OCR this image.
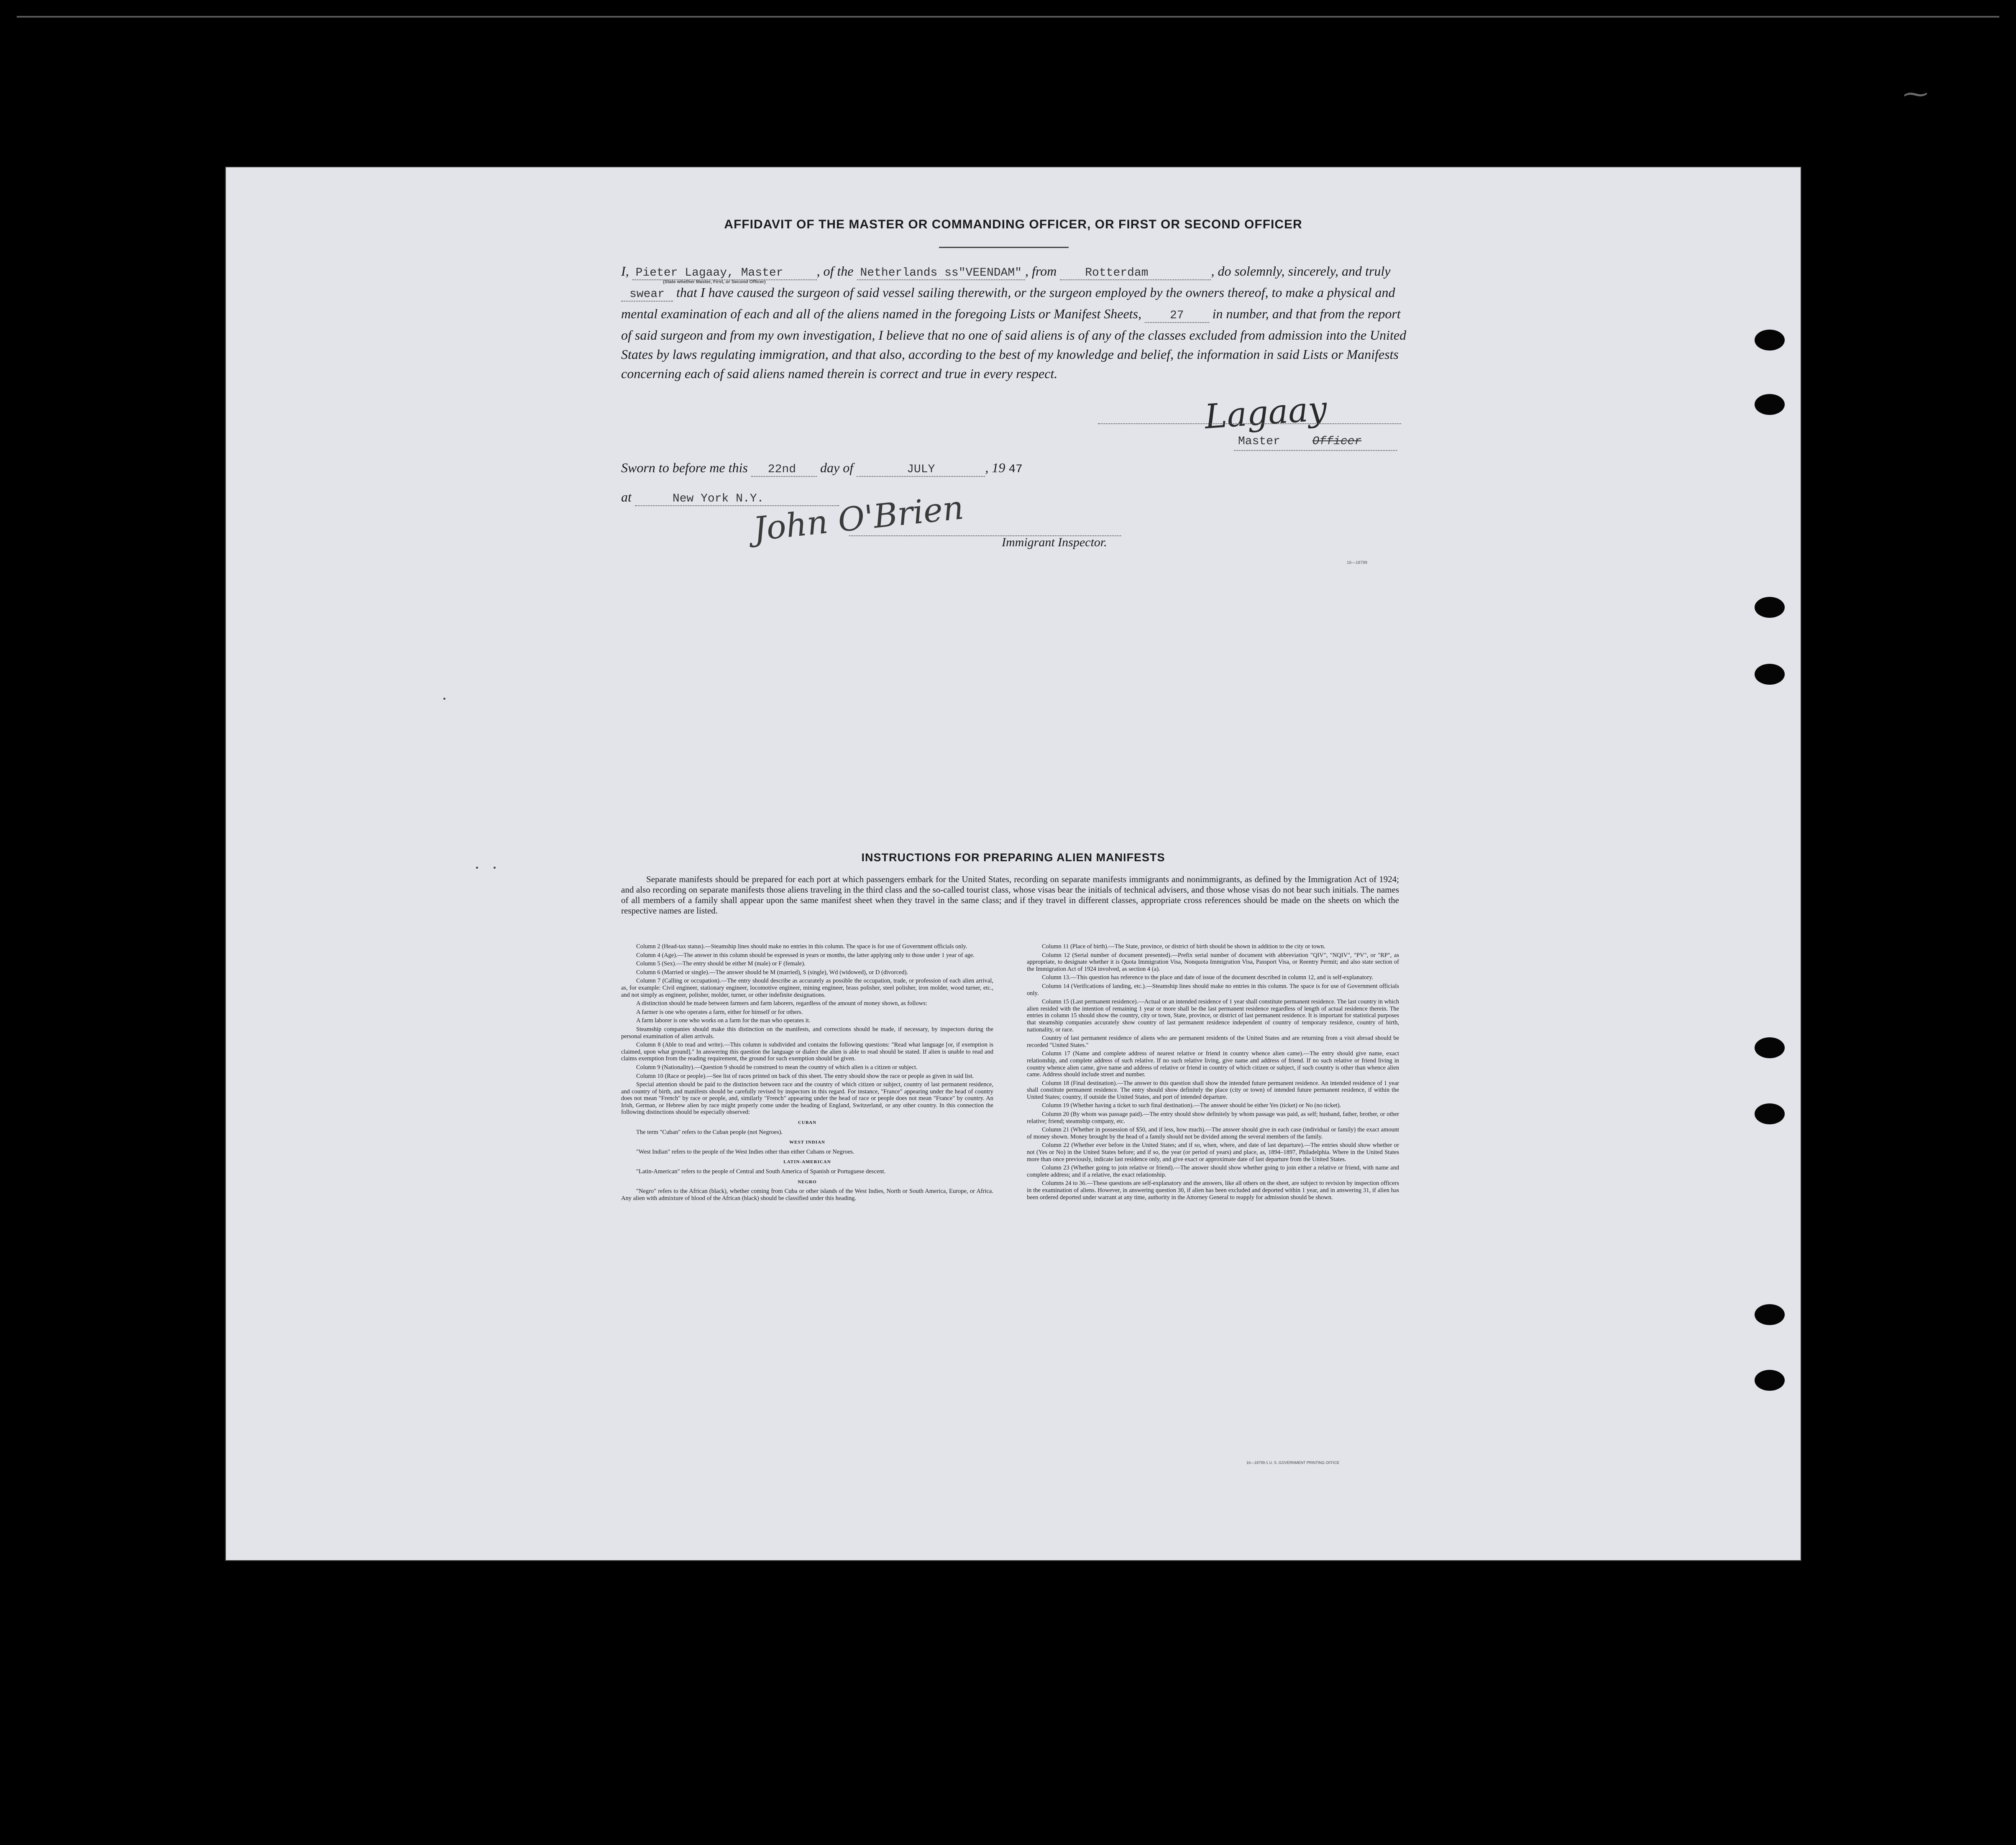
⁓
AFFIDAVIT OF THE MASTER OR COMMANDING OFFICER, OR FIRST OR SECOND OFFICER
I, Pieter Lagaay, Master	, of the Netherlands ss"VEENDAM" , from Rotterdam	, do solemnly, sincerely, and truly swear that I have caused the surgeon of said vessel sailing therewith, or the surgeon employed by the owners thereof, to make a physical and mental examination of each and all of the aliens named in the foregoing Lists or Manifest Sheets, 27 in number, and that from the report of said surgeon and from my own investigation, I believe that no one of said aliens is of any of the classes excluded from admission into the United States by laws regulating immigration, and that also, according to the best of my knowledge and belief, the information in said Lists or Manifests concerning each of said aliens named therein is correct and true in every respect.
(State whether Master, First, or Second Officer)
Lagaay
Master	Officer
Sworn to before me this 22nd day of	JULY	, 19 47
at	New York N.Y.
John O'Brien	Immigrant Inspector.
16—18799
INSTRUCTIONS FOR PREPARING ALIEN MANIFESTS
Separate manifests should be prepared for each port at which passengers embark for the United States, recording on separate manifests immigrants and nonimmigrants, as defined by the Immigration Act of 1924; and also recording on separate manifests those aliens traveling in the third class and the so-called tourist class, whose visas bear the initials of technical advisers, and those whose visas do not bear such initials. The names of all members of a family shall appear upon the same manifest sheet when they travel in the same class; and if they travel in different classes, appropriate cross references should be made on the sheets on which the respective names are listed.

Column 2 (Head-tax status).—Steamship lines should make no entries in this column. The space is for use of Government officials only.

Column 4 (Age).—The answer in this column should be expressed in years or months, the latter applying only to those under 1 year of age.

Column 5 (Sex).—The entry should be either M (male) or F (female).

Column 6 (Married or single).—The answer should be M (married), S (single), Wd (widowed), or D (divorced).

Column 7 (Calling or occupation).—The entry should describe as accurately as possible the occupation, trade, or profession of each alien arrival, as, for example: Civil engineer, stationary engineer, locomotive engineer, mining engineer, brass polisher, steel polisher, iron molder, wood turner, etc., and not simply as engineer, polisher, molder, turner, or other indefinite designations.

A distinction should be made between farmers and farm laborers, regardless of the amount of money shown, as follows:

A farmer is one who operates a farm, either for himself or for others.

A farm laborer is one who works on a farm for the man who operates it.

Steamship companies should make this distinction on the manifests, and corrections should be made, if necessary, by inspectors during the personal examination of alien arrivals.

Column 8 (Able to read and write).—This column is subdivided and contains the following questions: "Read what language [or, if exemption is claimed, upon what ground]." In answering this question the language or dialect the alien is able to read should be stated. If alien is unable to read and claims exemption from the reading requirement, the ground for such exemption should be given.

Column 9 (Nationality).—Question 9 should be construed to mean the country of which alien is a citizen or subject.

Column 10 (Race or people).—See list of races printed on back of this sheet. The entry should show the race or people as given in said list.

Special attention should be paid to the distinction between race and the country of which citizen or subject, country of last permanent residence, and country of birth, and manifests should be carefully revised by inspectors in this regard. For instance, "France" appearing under the head of country does not mean "French" by race or people, and, similarly "French" appearing under the head of race or people does not mean "France" by country. An Irish, German, or Hebrew alien by race might properly come under the heading of England, Switzerland, or any other country. In this connection the following distinctions should be especially observed:

CUBAN

The term "Cuban" refers to the Cuban people (not Negroes).

WEST INDIAN

"West Indian" refers to the people of the West Indies other than either Cubans or Negroes.

LATIN-AMERICAN

"Latin-American" refers to the people of Central and South America of Spanish or Portuguese descent.

NEGRO

"Negro" refers to the African (black), whether coming from Cuba or other islands of the West Indies, North or South America, Europe, or Africa. Any alien with admixture of blood of the African (black) should be classified under this heading.

Column 11 (Place of birth).—The State, province, or district of birth should be shown in addition to the city or town.

Column 12 (Serial number of document presented).—Prefix serial number of document with abbreviation "QIV", "NQIV", "PV", or "RP", as appropriate, to designate whether it is Quota Immigration Visa, Nonquota Immigration Visa, Passport Visa, or Reentry Permit; and also state section of the Immigration Act of 1924 involved, as section 4 (a).

Column 13.—This question has reference to the place and date of issue of the document described in column 12, and is self-explanatory.

Column 14 (Verifications of landing, etc.).—Steamship lines should make no entries in this column. The space is for use of Government officials only.

Column 15 (Last permanent residence).—Actual or an intended residence of 1 year shall constitute permanent residence. The last country in which alien resided with the intention of remaining 1 year or more shall be the last permanent residence regardless of length of actual residence therein. The entries in column 15 should show the country, city or town, State, province, or district of last permanent residence. It is important for statistical purposes that steamship companies accurately show country of last permanent residence independent of country of temporary residence, country of birth, nationality, or race.

Country of last permanent residence of aliens who are permanent residents of the United States and are returning from a visit abroad should be recorded "United States."

Column 17 (Name and complete address of nearest relative or friend in country whence alien came).—The entry should give name, exact relationship, and complete address of such relative. If no such relative living, give name and address of friend. If no such relative or friend living in country whence alien came, give name and address of relative or friend in country of which citizen or subject, if such country is other than whence alien came. Address should include street and number.

Column 18 (Final destination).—The answer to this question shall show the intended future permanent residence. An intended residence of 1 year shall constitute permanent residence. The entry should show definitely the place (city or town) of intended future permanent residence, if within the United States; country, if outside the United States, and port of intended departure.

Column 19 (Whether having a ticket to such final destination).—The answer should be either Yes (ticket) or No (no ticket).

Column 20 (By whom was passage paid).—The entry should show definitely by whom passage was paid, as self; husband, father, brother, or other relative; friend; steamship company, etc.

Column 21 (Whether in possession of $50, and if less, how much).—The answer should give in each case (individual or family) the exact amount of money shown. Money brought by the head of a family should not be divided among the several members of the family.

Column 22 (Whether ever before in the United States; and if so, when, where, and date of last departure).—The entries should show whether or not (Yes or No) in the United States before; and if so, the year (or period of years) and place, as, 1894–1897, Philadelphia. Where in the United States more than once previously, indicate last residence only, and give exact or approximate date of last departure from the United States.

Column 23 (Whether going to join relative or friend).—The answer should show whether going to join either a relative or friend, with name and complete address; and if a relative, the exact relationship.

Columns 24 to 36.—These questions are self-explanatory and the answers, like all others on the sheet, are subject to revision by inspection officers in the examination of aliens. However, in answering question 30, if alien has been excluded and deported within 1 year, and in answering 31, if alien has been ordered deported under warrant at any time, authority in the Attorney General to reapply for admission should be shown.

16—18799-1 U. S. GOVERNMENT PRINTING OFFICE
